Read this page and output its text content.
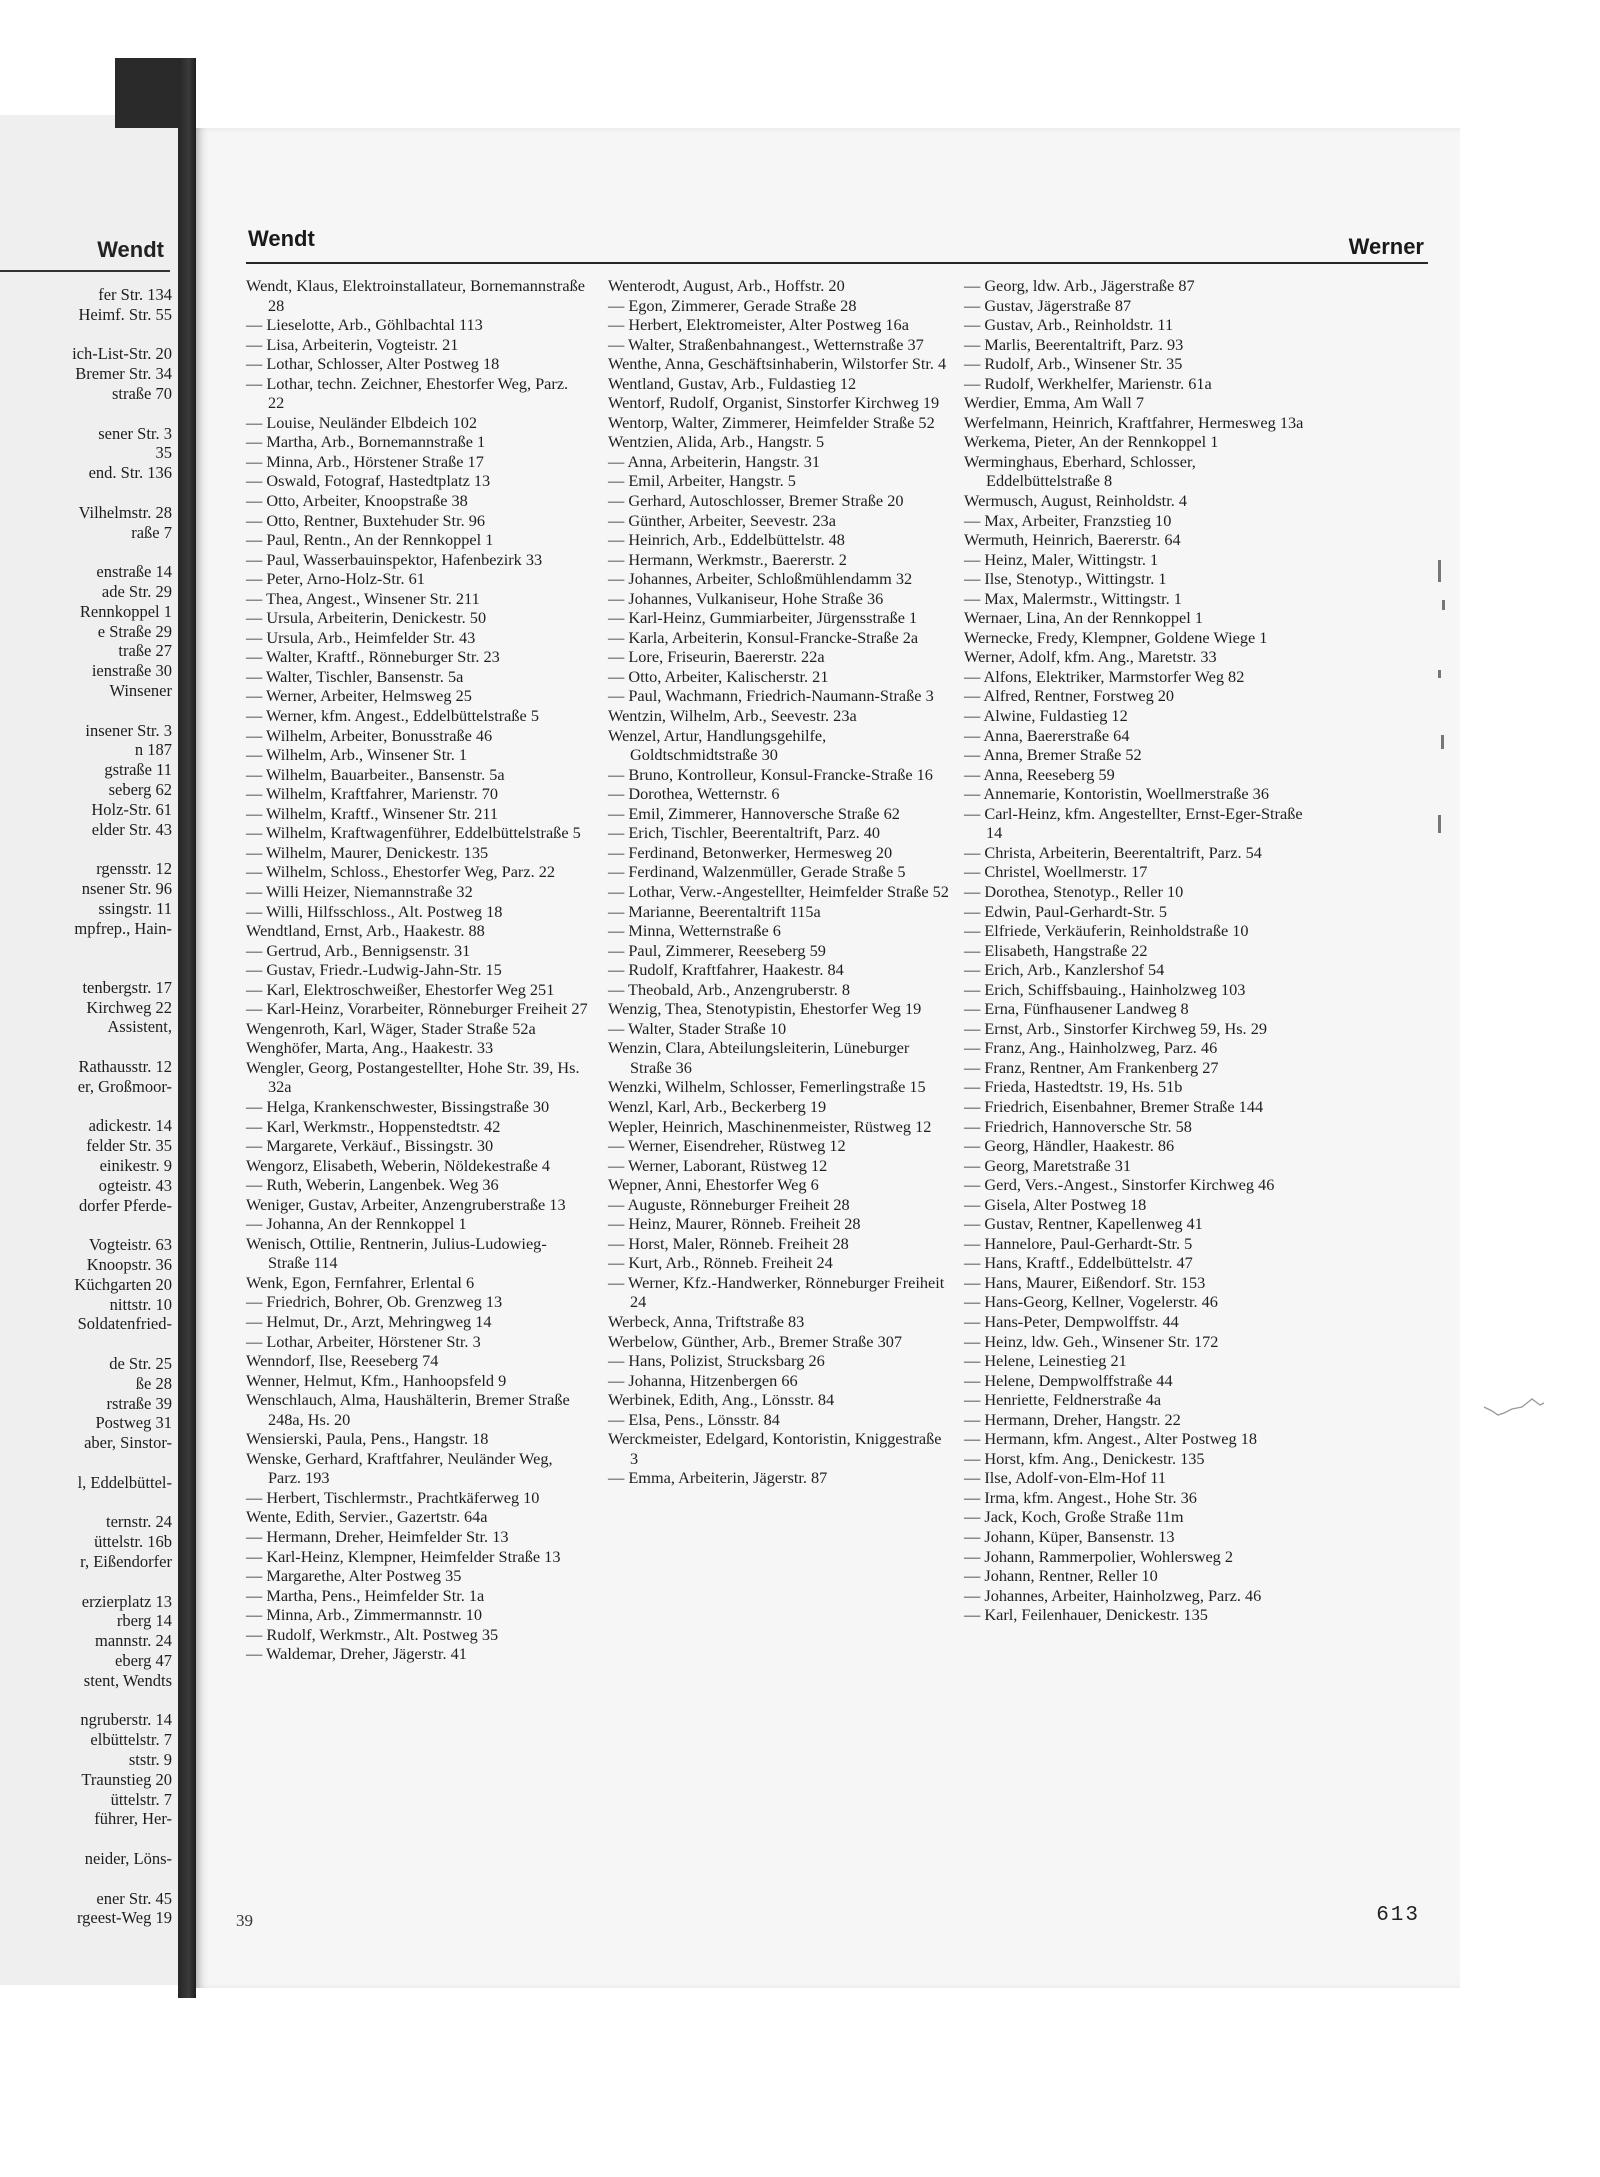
Wendt
fer Str. 134
Heimf. Str. 55
ich-List-Str. 20
Bremer Str. 34
straße 70
sener Str. 3
35
end. Str. 136
Vilhelmstr. 28
raße 7
enstraße 14
ade Str. 29
Rennkoppel 1
e Straße 29
traße 27
ienstraße 30
Winsener
insener Str. 3
n 187
gstraße 11
seberg 62
Holz-Str. 61
elder Str. 43
rgensstr. 12
nsener Str. 96
ssingstr. 11
mpfrep., Hain-
tenbergstr. 17
Kirchweg 22
Assistent,
Rathausstr. 12
er, Großmoor-
adickestr. 14
felder Str. 35
einikestr. 9
ogteistr. 43
dorfer Pferde-
Vogteistr. 63
Knoopstr. 36
Küchgarten 20
nittstr. 10
Soldatenfried-
de Str. 25
ße 28
rstraße 39
Postweg 31
aber, Sinstor-
l, Eddelbüttel-
ternstr. 24
üttelstr. 16b
r, Eißendorfer
erzierplatz 13
rberg 14
mannstr. 24
eberg 47
stent, Wendts
ngruberstr. 14
elbüttelstr. 7
ststr. 9
Traunstieg 20
üttelstr. 7
führer, Her-
neider, Löns-
ener Str. 45
rgeest-Weg 19
Wendt	Werner
Wendt, Klaus, Elektroinstallateur, Bornemannstraße 28
— Lieselotte, Arb., Göhlbachtal 113
— Lisa, Arbeiterin, Vogteistr. 21
— Lothar, Schlosser, Alter Postweg 18
— Lothar, techn. Zeichner, Ehestorfer Weg, Parz. 22
— Louise, Neuländer Elbdeich 102
— Martha, Arb., Bornemannstraße 1
— Minna, Arb., Hörstener Straße 17
— Oswald, Fotograf, Hastedtplatz 13
— Otto, Arbeiter, Knoopstraße 38
— Otto, Rentner, Buxtehuder Str. 96
— Paul, Rentn., An der Rennkoppel 1
— Paul, Wasserbauinspektor, Hafenbezirk 33
— Peter, Arno-Holz-Str. 61
— Thea, Angest., Winsener Str. 211
— Ursula, Arbeiterin, Denickestr. 50
— Ursula, Arb., Heimfelder Str. 43
— Walter, Kraftf., Rönneburger Str. 23
— Walter, Tischler, Bansenstr. 5a
— Werner, Arbeiter, Helmsweg 25
— Werner, kfm. Angest., Eddelbüttelstraße 5
— Wilhelm, Arbeiter, Bonusstraße 46
— Wilhelm, Arb., Winsener Str. 1
— Wilhelm, Bauarbeiter., Bansenstr. 5a
— Wilhelm, Kraftfahrer, Marienstr. 70
— Wilhelm, Kraftf., Winsener Str. 211
— Wilhelm, Kraftwagenführer, Eddelbüttelstraße 5
— Wilhelm, Maurer, Denickestr. 135
— Wilhelm, Schloss., Ehestorfer Weg, Parz. 22
— Willi Heizer, Niemannstraße 32
— Willi, Hilfsschloss., Alt. Postweg 18
Wendtland, Ernst, Arb., Haakestr. 88
— Gertrud, Arb., Bennigsenstr. 31
— Gustav, Friedr.-Ludwig-Jahn-Str. 15
— Karl, Elektroschweißer, Ehestorfer Weg 251
— Karl-Heinz, Vorarbeiter, Rönneburger Freiheit 27
Wengenroth, Karl, Wäger, Stader Straße 52a
Wenghöfer, Marta, Ang., Haakestr. 33
Wengler, Georg, Postangestellter, Hohe Str. 39, Hs. 32a
— Helga, Krankenschwester, Bissingstraße 30
— Karl, Werkmstr., Hoppenstedtstr. 42
— Margarete, Verkäuf., Bissingstr. 30
Wengorz, Elisabeth, Weberin, Nöldekestraße 4
— Ruth, Weberin, Langenbek. Weg 36
Weniger, Gustav, Arbeiter, Anzengruberstraße 13
— Johanna, An der Rennkoppel 1
Wenisch, Ottilie, Rentnerin, Julius-Ludowieg-Straße 114
Wenk, Egon, Fernfahrer, Erlental 6
— Friedrich, Bohrer, Ob. Grenzweg 13
— Helmut, Dr., Arzt, Mehringweg 14
— Lothar, Arbeiter, Hörstener Str. 3
Wenndorf, Ilse, Reeseberg 74
Wenner, Helmut, Kfm., Hanhoopsfeld 9
Wenschlauch, Alma, Haushälterin, Bremer Straße 248a, Hs. 20
Wensierski, Paula, Pens., Hangstr. 18
Wenske, Gerhard, Kraftfahrer, Neuländer Weg, Parz. 193
— Herbert, Tischlermstr., Prachtkäferweg 10
Wente, Edith, Servier., Gazertstr. 64a
— Hermann, Dreher, Heimfelder Str. 13
— Karl-Heinz, Klempner, Heimfelder Straße 13
— Margarethe, Alter Postweg 35
— Martha, Pens., Heimfelder Str. 1a
— Minna, Arb., Zimmermannstr. 10
— Rudolf, Werkmstr., Alt. Postweg 35
— Waldemar, Dreher, Jägerstr. 41
Wenterodt, August, Arb., Hoffstr. 20
— Egon, Zimmerer, Gerade Straße 28
— Herbert, Elektromeister, Alter Postweg 16a
— Walter, Straßenbahnangest., Wetternstraße 37
Wenthe, Anna, Geschäftsinhaberin, Wilstorfer Str. 4
Wentland, Gustav, Arb., Fuldastieg 12
Wentorf, Rudolf, Organist, Sinstorfer Kirchweg 19
Wentorp, Walter, Zimmerer, Heimfelder Straße 52
Wentzien, Alida, Arb., Hangstr. 5
— Anna, Arbeiterin, Hangstr. 31
— Emil, Arbeiter, Hangstr. 5
— Gerhard, Autoschlosser, Bremer Straße 20
— Günther, Arbeiter, Seevestr. 23a
— Heinrich, Arb., Eddelbüttelstr. 48
— Hermann, Werkmstr., Baererstr. 2
— Johannes, Arbeiter, Schloßmühlendamm 32
— Johannes, Vulkaniseur, Hohe Straße 36
— Karl-Heinz, Gummiarbeiter, Jürgensstraße 1
— Karla, Arbeiterin, Konsul-Francke-Straße 2a
— Lore, Friseurin, Baererstr. 22a
— Otto, Arbeiter, Kalischerstr. 21
— Paul, Wachmann, Friedrich-Naumann-Straße 3
Wentzin, Wilhelm, Arb., Seevestr. 23a
Wenzel, Artur, Handlungsgehilfe, Goldtschmidtstraße 30
— Bruno, Kontrolleur, Konsul-Francke-Straße 16
— Dorothea, Wetternstr. 6
— Emil, Zimmerer, Hannoversche Straße 62
— Erich, Tischler, Beerentaltrift, Parz. 40
— Ferdinand, Betonwerker, Hermesweg 20
— Ferdinand, Walzenmüller, Gerade Straße 5
— Lothar, Verw.-Angestellter, Heimfelder Straße 52
— Marianne, Beerentaltrift 115a
— Minna, Wetternstraße 6
— Paul, Zimmerer, Reeseberg 59
— Rudolf, Kraftfahrer, Haakestr. 84
— Theobald, Arb., Anzengruberstr. 8
Wenzig, Thea, Stenotypistin, Ehestorfer Weg 19
— Walter, Stader Straße 10
Wenzin, Clara, Abteilungsleiterin, Lüneburger Straße 36
Wenzki, Wilhelm, Schlosser, Femerlingstraße 15
Wenzl, Karl, Arb., Beckerberg 19
Wepler, Heinrich, Maschinenmeister, Rüstweg 12
— Werner, Eisendreher, Rüstweg 12
— Werner, Laborant, Rüstweg 12
Wepner, Anni, Ehestorfer Weg 6
— Auguste, Rönneburger Freiheit 28
— Heinz, Maurer, Rönneb. Freiheit 28
— Horst, Maler, Rönneb. Freiheit 28
— Kurt, Arb., Rönneb. Freiheit 24
— Werner, Kfz.-Handwerker, Rönneburger Freiheit 24
Werbeck, Anna, Triftstraße 83
Werbelow, Günther, Arb., Bremer Straße 307
— Hans, Polizist, Strucksbarg 26
— Johanna, Hitzenbergen 66
Werbinek, Edith, Ang., Lönsstr. 84
— Elsa, Pens., Lönsstr. 84
Werckmeister, Edelgard, Kontoristin, Kniggestraße 3
— Emma, Arbeiterin, Jägerstr. 87
— Georg, ldw. Arb., Jägerstraße 87
— Gustav, Jägerstraße 87
— Gustav, Arb., Reinholdstr. 11
— Marlis, Beerentaltrift, Parz. 93
— Rudolf, Arb., Winsener Str. 35
— Rudolf, Werkhelfer, Marienstr. 61a
Werdier, Emma, Am Wall 7
Werfelmann, Heinrich, Kraftfahrer, Hermesweg 13a
Werkema, Pieter, An der Rennkoppel 1
Werminghaus, Eberhard, Schlosser, Eddelbüttelstraße 8
Wermusch, August, Reinholdstr. 4
— Max, Arbeiter, Franzstieg 10
Wermuth, Heinrich, Baererstr. 64
— Heinz, Maler, Wittingstr. 1
— Ilse, Stenotyp., Wittingstr. 1
— Max, Malermstr., Wittingstr. 1
Wernaer, Lina, An der Rennkoppel 1
Wernecke, Fredy, Klempner, Goldene Wiege 1
Werner, Adolf, kfm. Ang., Maretstr. 33
— Alfons, Elektriker, Marmstorfer Weg 82
— Alfred, Rentner, Forstweg 20
— Alwine, Fuldastieg 12
— Anna, Baererstraße 64
— Anna, Bremer Straße 52
— Anna, Reeseberg 59
— Annemarie, Kontoristin, Woellmerstraße 36
— Carl-Heinz, kfm. Angestellter, Ernst-Eger-Straße 14
— Christa, Arbeiterin, Beerentaltrift, Parz. 54
— Christel, Woellmerstr. 17
— Dorothea, Stenotyp., Reller 10
— Edwin, Paul-Gerhardt-Str. 5
— Elfriede, Verkäuferin, Reinholdstraße 10
— Elisabeth, Hangstraße 22
— Erich, Arb., Kanzlershof 54
— Erich, Schiffsbauing., Hainholzweg 103
— Erna, Fünfhausener Landweg 8
— Ernst, Arb., Sinstorfer Kirchweg 59, Hs. 29
— Franz, Ang., Hainholzweg, Parz. 46
— Franz, Rentner, Am Frankenberg 27
— Frieda, Hastedtstr. 19, Hs. 51b
— Friedrich, Eisenbahner, Bremer Straße 144
— Friedrich, Hannoversche Str. 58
— Georg, Händler, Haakestr. 86
— Georg, Maretstraße 31
— Gerd, Vers.-Angest., Sinstorfer Kirchweg 46
— Gisela, Alter Postweg 18
— Gustav, Rentner, Kapellenweg 41
— Hannelore, Paul-Gerhardt-Str. 5
— Hans, Kraftf., Eddelbüttelstr. 47
— Hans, Maurer, Eißendorf. Str. 153
— Hans-Georg, Kellner, Vogelerstr. 46
— Hans-Peter, Dempwolffstr. 44
— Heinz, ldw. Geh., Winsener Str. 172
— Helene, Leinestieg 21
— Helene, Dempwolffstraße 44
— Henriette, Feldnerstraße 4a
— Hermann, Dreher, Hangstr. 22
— Hermann, kfm. Angest., Alter Postweg 18
— Horst, kfm. Ang., Denickestr. 135
— Ilse, Adolf-von-Elm-Hof 11
— Irma, kfm. Angest., Hohe Str. 36
— Jack, Koch, Große Straße 11m
— Johann, Küper, Bansenstr. 13
— Johann, Rammerpolier, Wohlersweg 2
— Johann, Rentner, Reller 10
— Johannes, Arbeiter, Hainholzweg, Parz. 46
— Karl, Feilenhauer, Denickestr. 135
39	613
